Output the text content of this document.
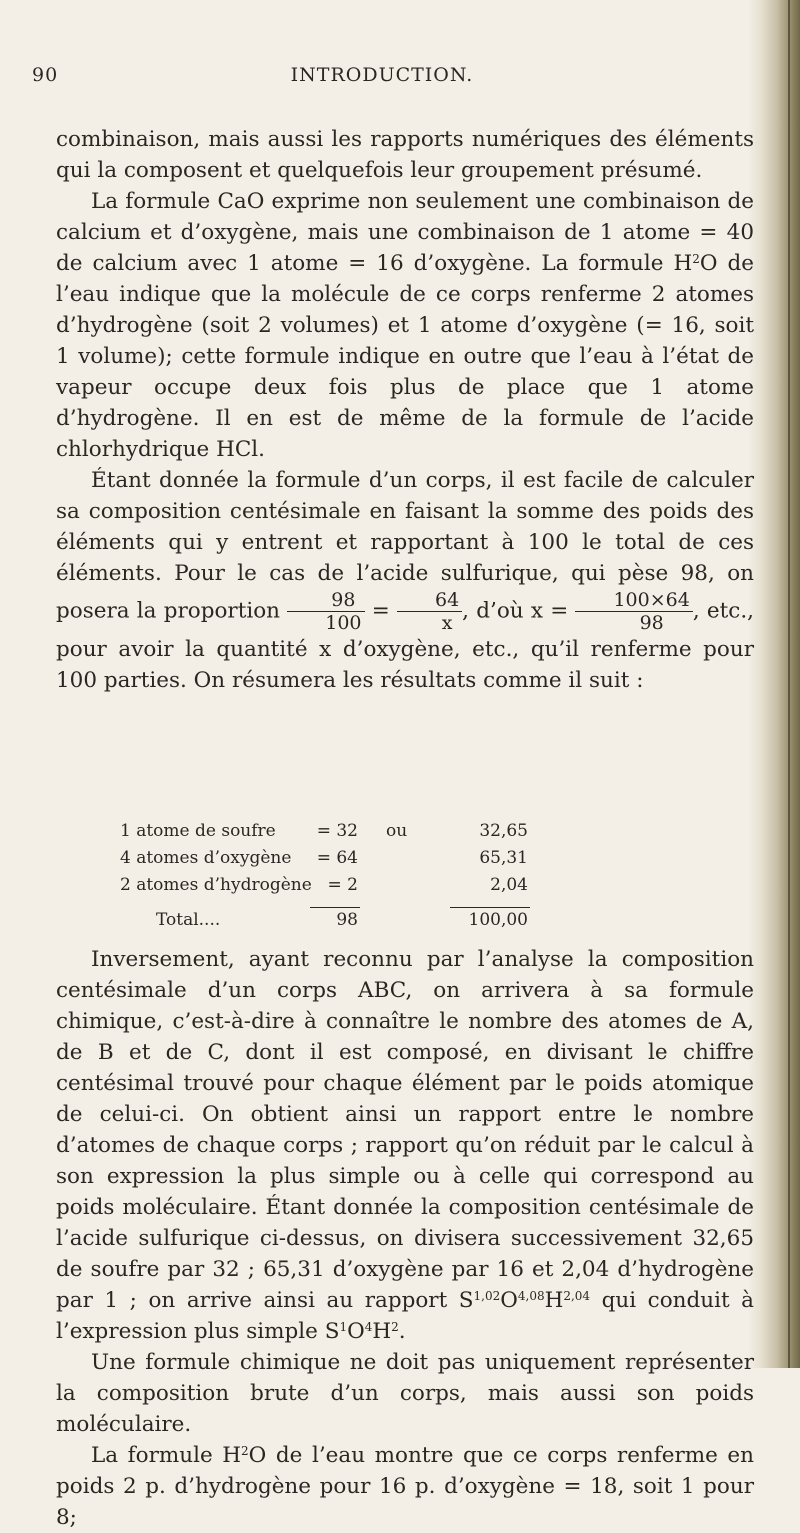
90	INTRODUCTION.

combinaison, mais aussi les rapports numériques des éléments qui la composent et quelquefois leur groupement présumé.

La formule CaO exprime non seulement une combinaison de calcium et d’oxygène, mais une combinaison de 1 atome = 40 de calcium avec 1 atome = 16 d’oxygène. La formule $H^2O$ de l’eau indique que la molécule de ce corps renferme 2 atomes d’hydrogène (soit 2 volumes) et 1 atome d’oxygène (= 16, soit 1 volume); cette formule indique en outre que l’eau à l’état de vapeur occupe deux fois plus de place que 1 atome d’hydrogène. Il en est de même de la formule de l’acide chlorhydrique HCl.

Étant donnée la formule d’un corps, il est facile de calculer sa composition centésimale en faisant la somme des poids des éléments qui y entrent et rapportant à 100 le total de ces éléments. Pour le cas de l’acide sulfurique, qui pèse 98, on posera la proportion $\frac{98}{100} = \frac{64}{x}$ , d’où $x = \frac{100\times 64}{98}$ , etc., pour avoir la quantité x d’oxygène, etc., qu’il renferme pour 100 parties. On résumera les résultats comme il suit :

1 atome de soufre	= 32 ou	32,65
4 atomes d’oxygène	= 64	65,31
2 atomes d’hydrogène = 2	2,04
Total....	98	100,00

Inversement, ayant reconnu par l’analyse la composition centésimale d’un corps ABC, on arrivera à sa formule chimique, c’est-à-dire à connaître le nombre des atomes de A, de B et de C, dont il est composé, en divisant le chiffre centésimal trouvé pour chaque élément par le poids atomique de celui-ci. On obtient ainsi un rapport entre le nombre d’atomes de chaque corps ; rapport qu’on réduit par le calcul à son expression la plus simple ou à celle qui correspond au poids moléculaire. Étant donnée la composition centésimale de l’acide sulfurique ci-dessus, on divisera successivement 32,65 de soufre par 32 ; 65,31 d’oxygène par 16 et 2,04 d’hydrogène par 1 ; on arrive ainsi au rapport $S^{1,02}O^{4,08}H^{2,04}$ qui conduit à l’expression plus simple $S^1O^4H^2$.

Une formule chimique ne doit pas uniquement représenter la composition brute d’un corps, mais aussi son poids moléculaire.

La formule $H^2O$ de l’eau montre que ce corps renferme en poids 2 p. d’hydrogène pour 16 p. d’oxygène = 18, soit 1 pour 8;
